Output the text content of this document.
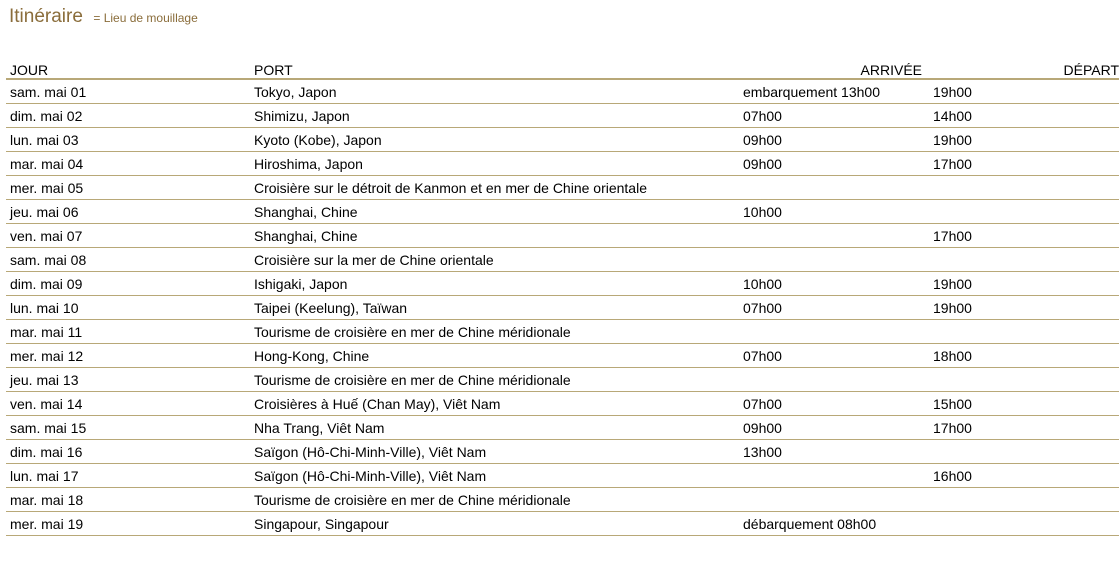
Itinéraire = Lieu de mouillage
JOUR	PORT	ARRIVÉE	DÉPART
sam. mai 01	Tokyo, Japon	embarquement 13h00	19h00
dim. mai 02	Shimizu, Japon	07h00	14h00
lun. mai 03	Kyoto (Kobe), Japon	09h00	19h00
mar. mai 04	Hiroshima, Japon	09h00	17h00
mer. mai 05	Croisière sur le détroit de Kanmon et en mer de Chine orientale		
jeu. mai 06	Shanghai, Chine	10h00	
ven. mai 07	Shanghai, Chine		17h00
sam. mai 08	Croisière sur la mer de Chine orientale		
dim. mai 09	Ishigaki, Japon	10h00	19h00
lun. mai 10	Taipei (Keelung), Taïwan	07h00	19h00
mar. mai 11	Tourisme de croisière en mer de Chine méridionale		
mer. mai 12	Hong-Kong, Chine	07h00	18h00
jeu. mai 13	Tourisme de croisière en mer de Chine méridionale		
ven. mai 14	Croisières à Huế (Chan May), Viêt Nam	07h00	15h00
sam. mai 15	Nha Trang, Viêt Nam	09h00	17h00
dim. mai 16	Saïgon (Hô-Chi-Minh-Ville), Viêt Nam	13h00	
lun. mai 17	Saïgon (Hô-Chi-Minh-Ville), Viêt Nam		16h00
mar. mai 18	Tourisme de croisière en mer de Chine méridionale		
mer. mai 19	Singapour, Singapour	débarquement 08h00	
